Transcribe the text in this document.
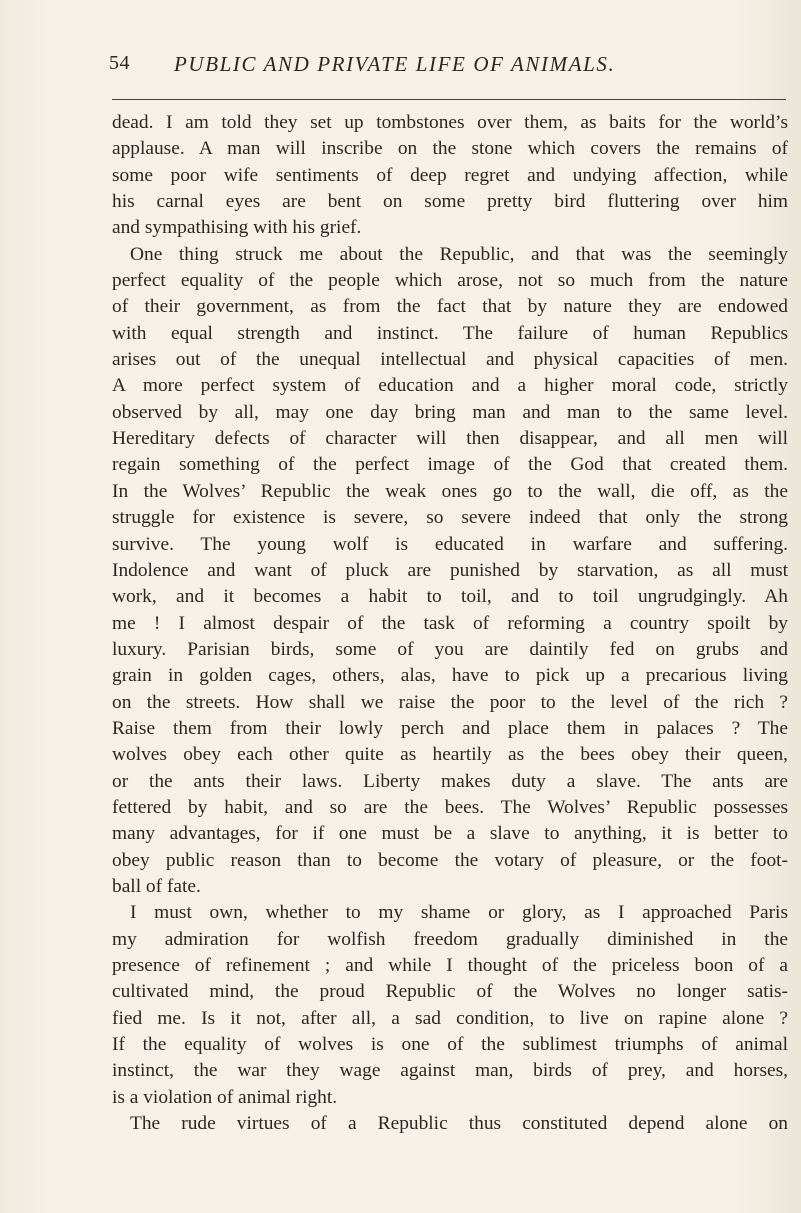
54 PUBLIC AND PRIVATE LIFE OF ANIMALS.
dead. I am told they set up tombstones over them, as baits for the world’s
applause. A man will inscribe on the stone which covers the remains of
some poor wife sentiments of deep regret and undying affection, while
his carnal eyes are bent on some pretty bird fluttering over him
and sympathising with his grief.
One thing struck me about the Republic, and that was the seemingly
perfect equality of the people which arose, not so much from the nature
of their government, as from the fact that by nature they are endowed
with equal strength and instinct. The failure of human Republics
arises out of the unequal intellectual and physical capacities of men.
A more perfect system of education and a higher moral code, strictly
observed by all, may one day bring man and man to the same level.
Hereditary defects of character will then disappear, and all men will
regain something of the perfect image of the God that created them.
In the Wolves’ Republic the weak ones go to the wall, die off, as the
struggle for existence is severe, so severe indeed that only the strong
survive. The young wolf is educated in warfare and suffering.
Indolence and want of pluck are punished by starvation, as all must
work, and it becomes a habit to toil, and to toil ungrudgingly. Ah
me ! I almost despair of the task of reforming a country spoilt by
luxury. Parisian birds, some of you are daintily fed on grubs and
grain in golden cages, others, alas, have to pick up a precarious living
on the streets. How shall we raise the poor to the level of the rich ?
Raise them from their lowly perch and place them in palaces ? The
wolves obey each other quite as heartily as the bees obey their queen,
or the ants their laws. Liberty makes duty a slave. The ants are
fettered by habit, and so are the bees. The Wolves’ Republic possesses
many advantages, for if one must be a slave to anything, it is better to
obey public reason than to become the votary of pleasure, or the foot-
ball of fate.
I must own, whether to my shame or glory, as I approached Paris
my admiration for wolfish freedom gradually diminished in the
presence of refinement ; and while I thought of the priceless boon of a
cultivated mind, the proud Republic of the Wolves no longer satis-
fied me. Is it not, after all, a sad condition, to live on rapine alone ?
If the equality of wolves is one of the sublimest triumphs of animal
instinct, the war they wage against man, birds of prey, and horses,
is a violation of animal right.
The rude virtues of a Republic thus constituted depend alone on
